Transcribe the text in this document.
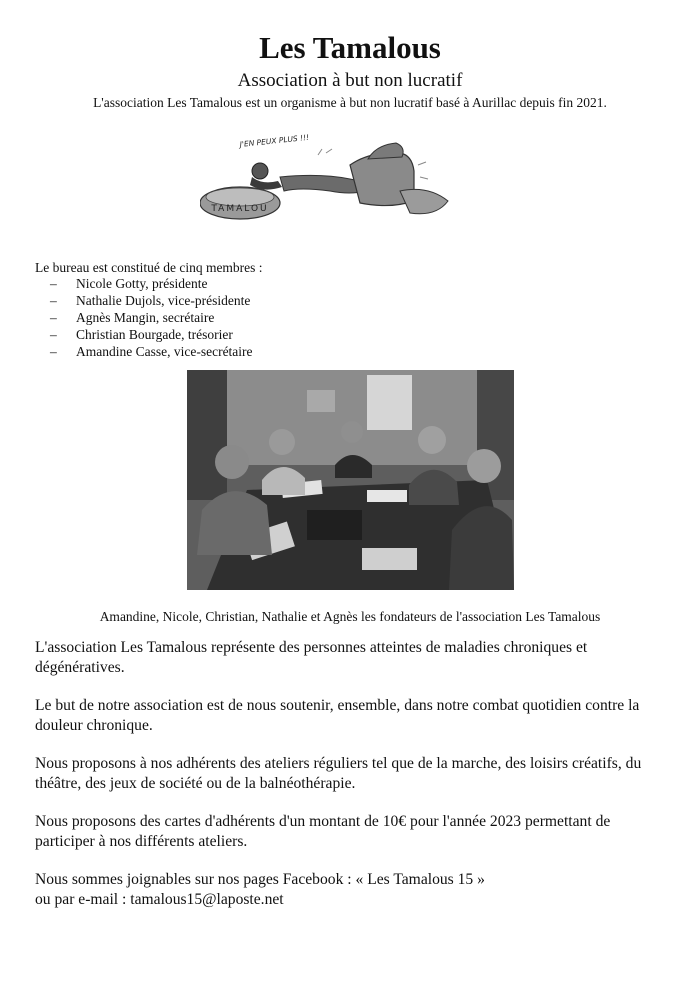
Les Tamalous
Association à but non lucratif
L'association Les Tamalous est un organisme à but non lucratif basé à Aurillac depuis fin 2021.
TAMALOU
J'EN PEUX PLUS !!!
Le bureau est constitué de cinq membres :
– Nicole Gotty, présidente
– Nathalie Dujols, vice-présidente
– Agnès Mangin, secrétaire
– Christian Bourgade, trésorier
– Amandine Casse, vice-secrétaire
Amandine, Nicole, Christian, Nathalie et Agnès les fondateurs de l'association Les Tamalous

L'association Les Tamalous représente des personnes atteintes de maladies chroniques et dégénératives.

Le but de notre association est de nous soutenir, ensemble, dans notre combat quotidien contre la douleur chronique.

Nous proposons à nos adhérents des ateliers réguliers tel que de la marche, des loisirs créatifs, du théâtre, des jeux de société ou de la balnéothérapie.

Nous proposons des cartes d'adhérents d'un montant de 10€ pour l'année 2023 permettant de participer à nos différents ateliers.

Nous sommes joignables sur nos pages Facebook : « Les Tamalous 15 »

ou par e-mail : tamalous15@laposte.net
